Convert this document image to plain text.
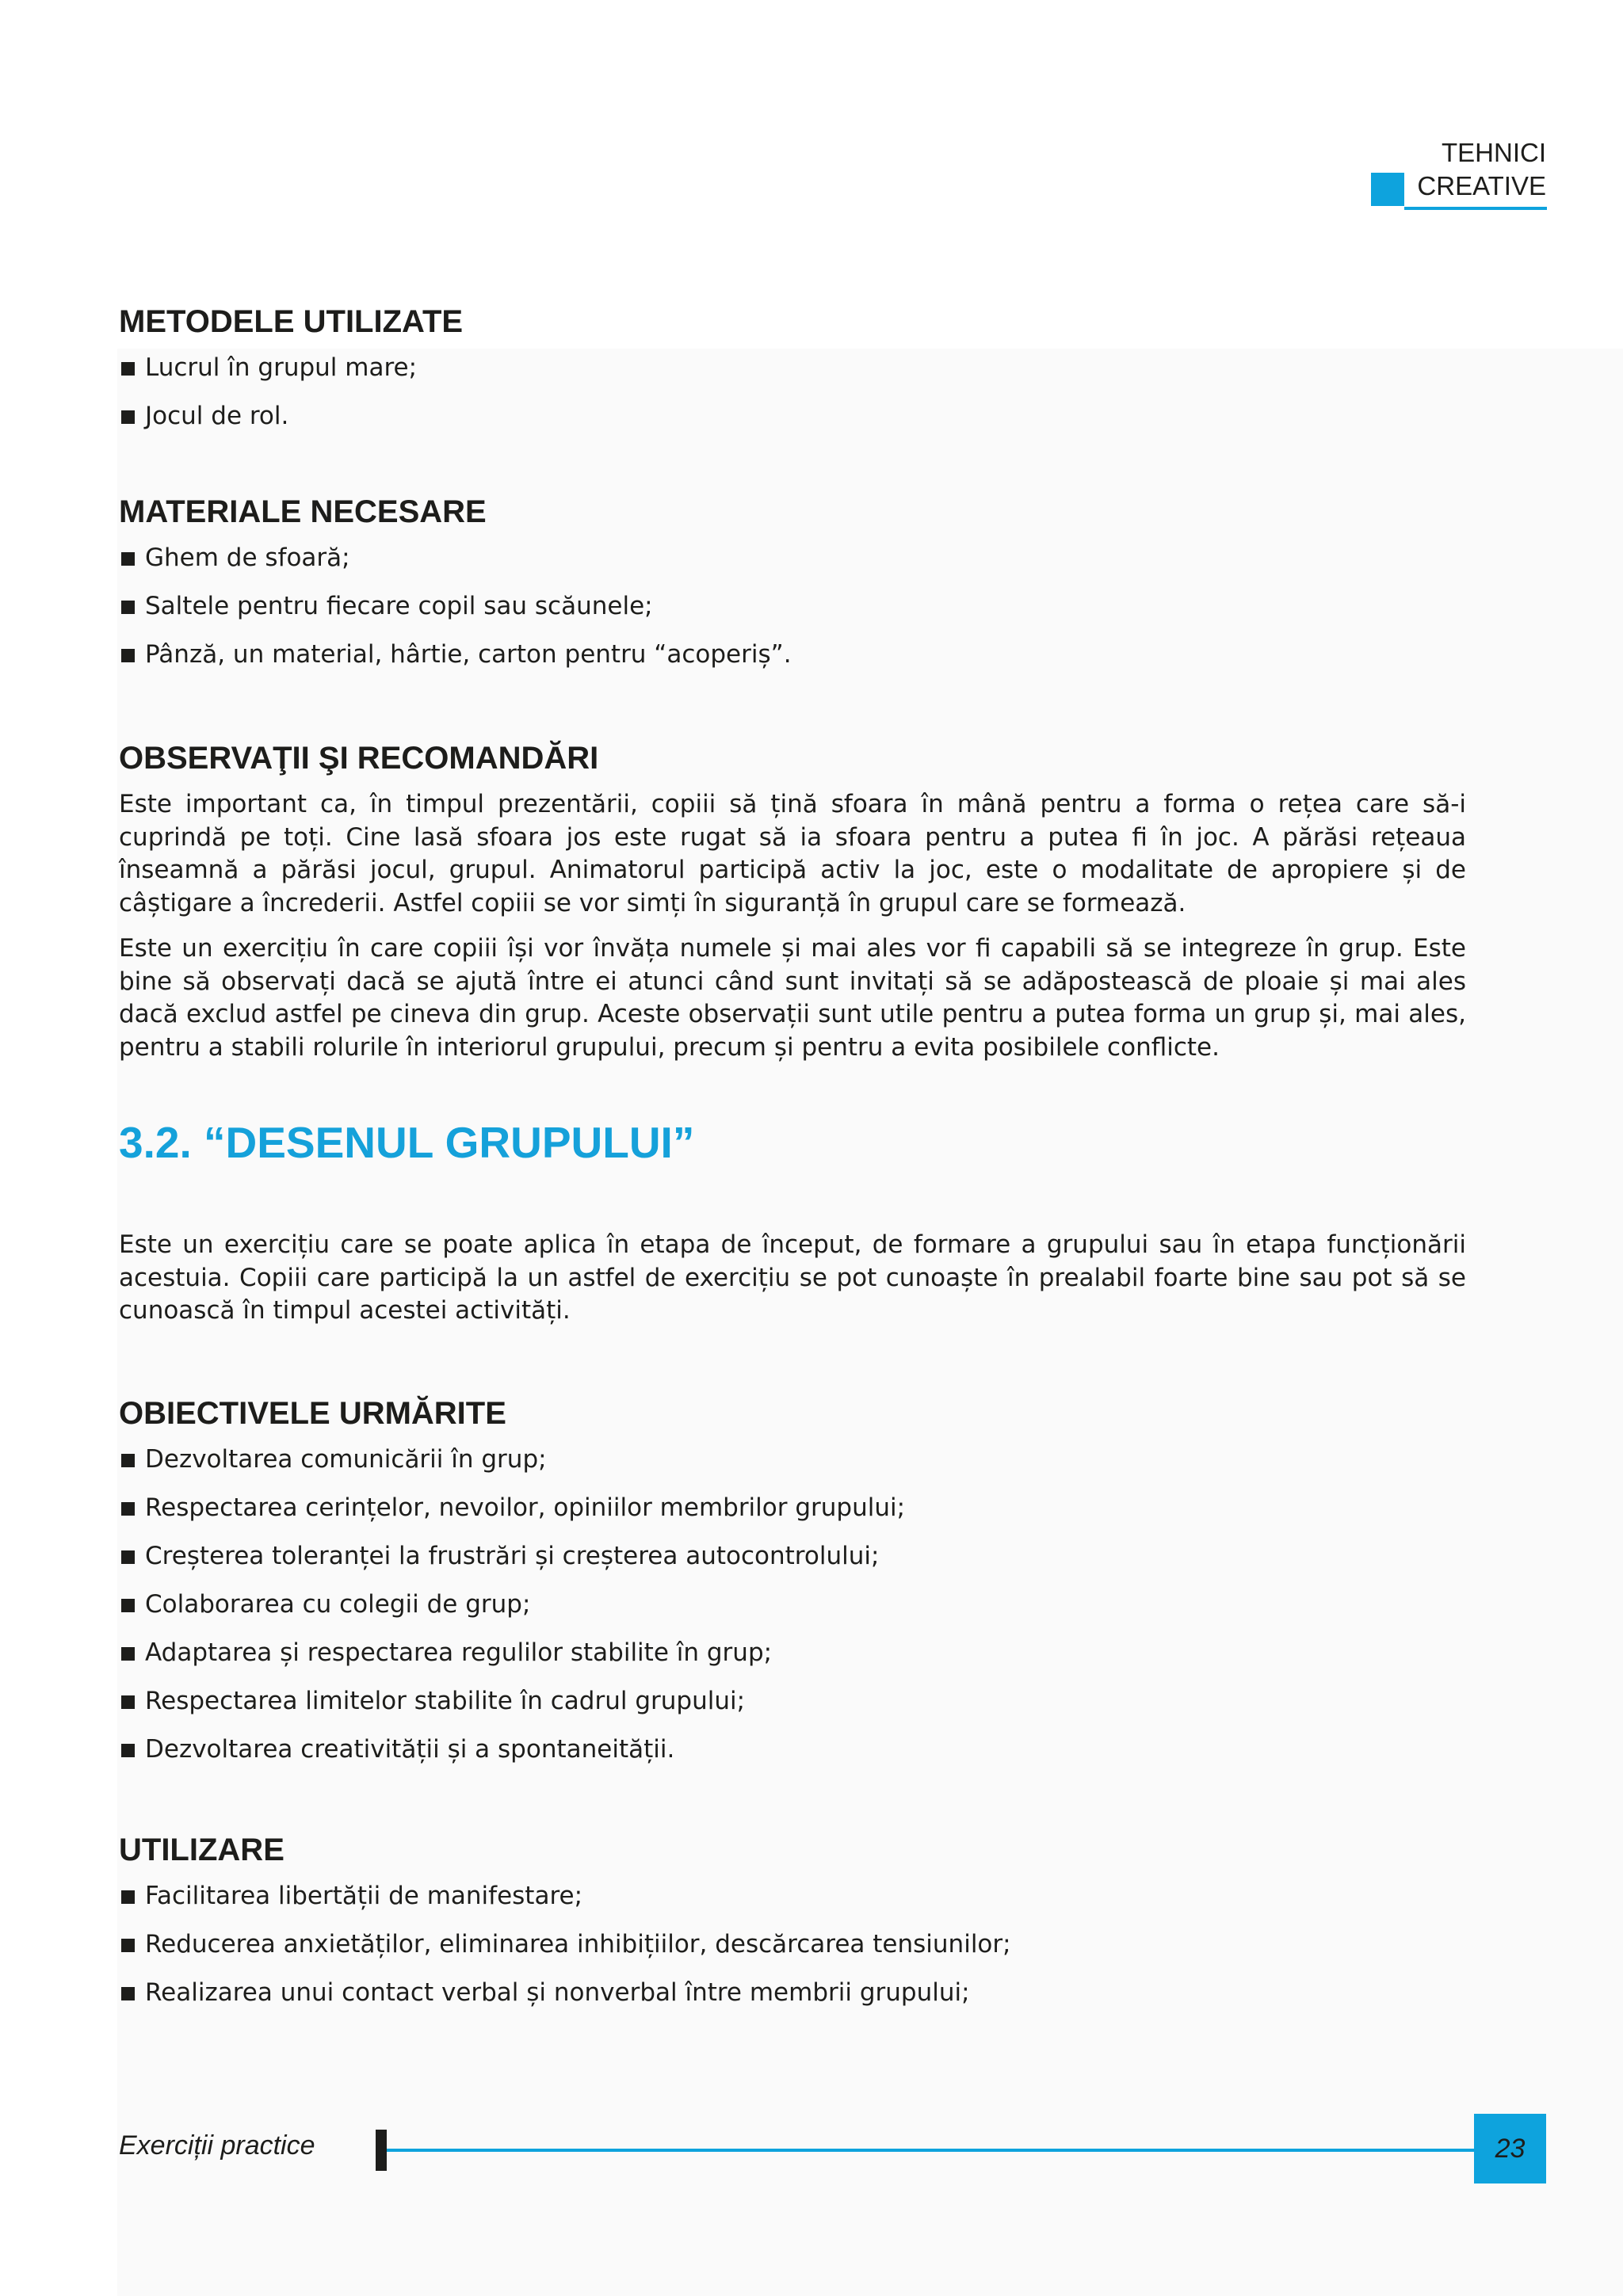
TEHNICI
CREATIVE
METODELE UTILIZATE
Lucrul în grupul mare;
Jocul de rol.
MATERIALE NECESARE
Ghem de sfoară;
Saltele pentru fiecare copil sau scăunele;
Pânză, un material, hârtie, carton pentru “acoperiș”.
OBSERVAŢII ŞI RECOMANDĂRI

Este important ca, în timpul prezentării, copiii să țină sfoara în mână pentru a forma o rețea care să-i cuprindă pe toți. Cine lasă sfoara jos este rugat să ia sfoara pentru a putea fi în joc. A părăsi rețeaua înseamnă a părăsi jocul, grupul. Animatorul participă activ la joc, este o modalitate de apropiere și de câștigare a încrederii. Astfel copiii se vor simți în siguranță în grupul care se formează.

Este un exercițiu în care copiii își vor învăța numele și mai ales vor fi capabili să se integreze în grup. Este bine să observați dacă se ajută între ei atunci când sunt invitați să se adăpostească de ploaie și mai ales dacă exclud astfel pe cineva din grup. Aceste observații sunt utile pentru a putea forma un grup și, mai ales, pentru a stabili rolurile în interiorul grupului, precum și pentru a evita posibilele conflicte.

3.2. “DESENUL GRUPULUI”

Este un exercițiu care se poate aplica în etapa de început, de formare a grupului sau în etapa funcționării acestuia. Copiii care participă la un astfel de exercițiu se pot cunoaște în prealabil foarte bine sau pot să se cunoască în timpul acestei activități.

OBIECTIVELE URMĂRITE
Dezvoltarea comunicării în grup;
Respectarea cerințelor, nevoilor, opiniilor membrilor grupului;
Creșterea toleranței la frustrări și creșterea autocontrolului;
Colaborarea cu colegii de grup;
Adaptarea și respectarea regulilor stabilite în grup;
Respectarea limitelor stabilite în cadrul grupului;
Dezvoltarea creativității și a spontaneității.
UTILIZARE
Facilitarea libertății de manifestare;
Reducerea anxietăților, eliminarea inhibițiilor, descărcarea tensiunilor;
Realizarea unui contact verbal și nonverbal între membrii grupului;
Exerciții practice	23
